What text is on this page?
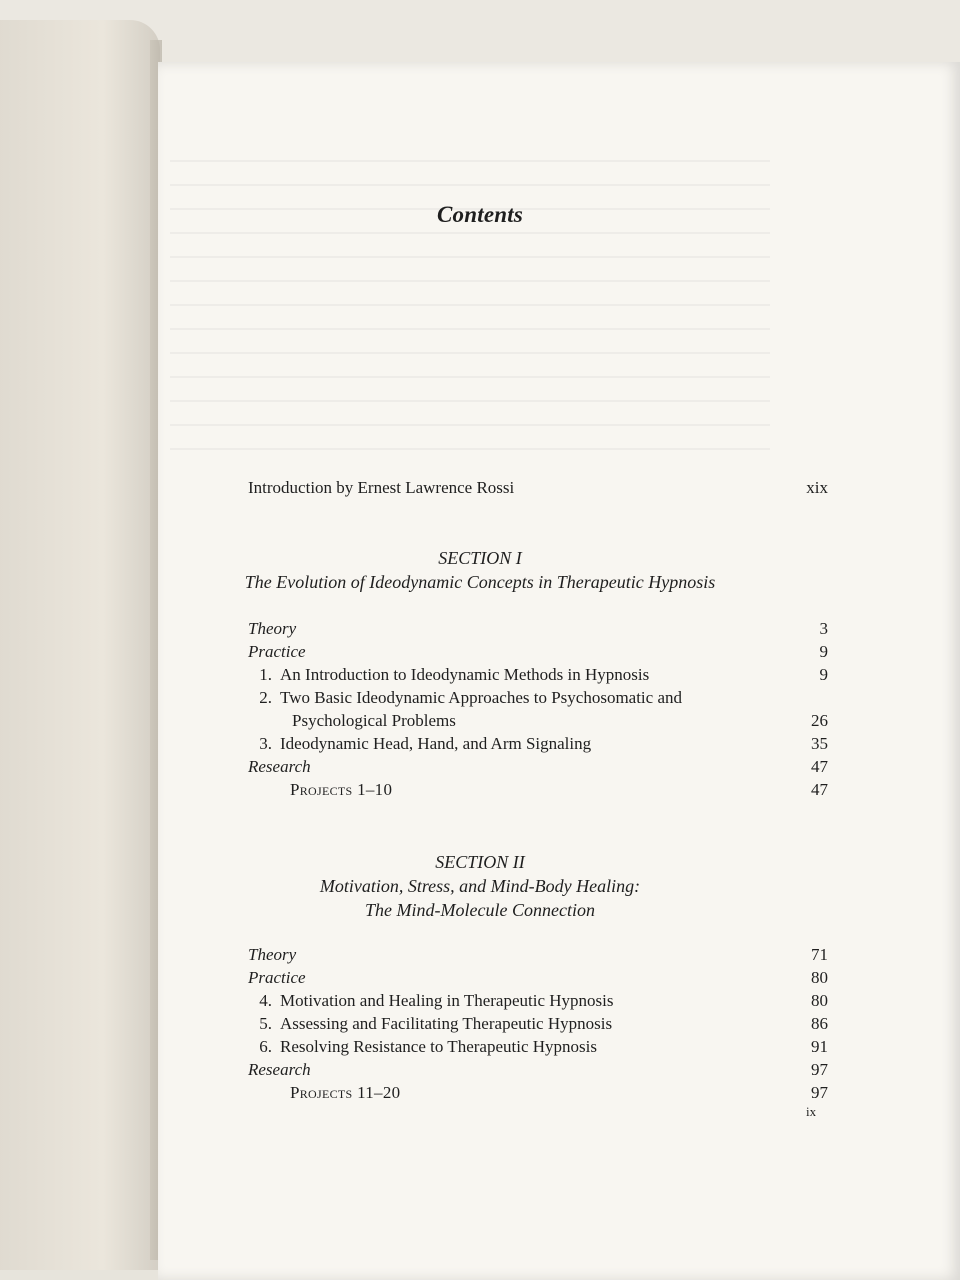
Contents
Introduction by Ernest Lawrence Rossi	xix
SECTION I
The Evolution of Ideodynamic Concepts in Therapeutic Hypnosis
Theory	3
Practice	9
1. An Introduction to Ideodynamic Methods in Hypnosis	9
2. Two Basic Ideodynamic Approaches to Psychosomatic and
Psychological Problems	26
3. Ideodynamic Head, Hand, and Arm Signaling	35
Research	47
Projects 1–10	47
SECTION II
Motivation, Stress, and Mind-Body Healing:
The Mind-Molecule Connection
Theory	71
Practice	80
4. Motivation and Healing in Therapeutic Hypnosis	80
5. Assessing and Facilitating Therapeutic Hypnosis	86
6. Resolving Resistance to Therapeutic Hypnosis	91
Research	97
Projects 11–20	97
ix
